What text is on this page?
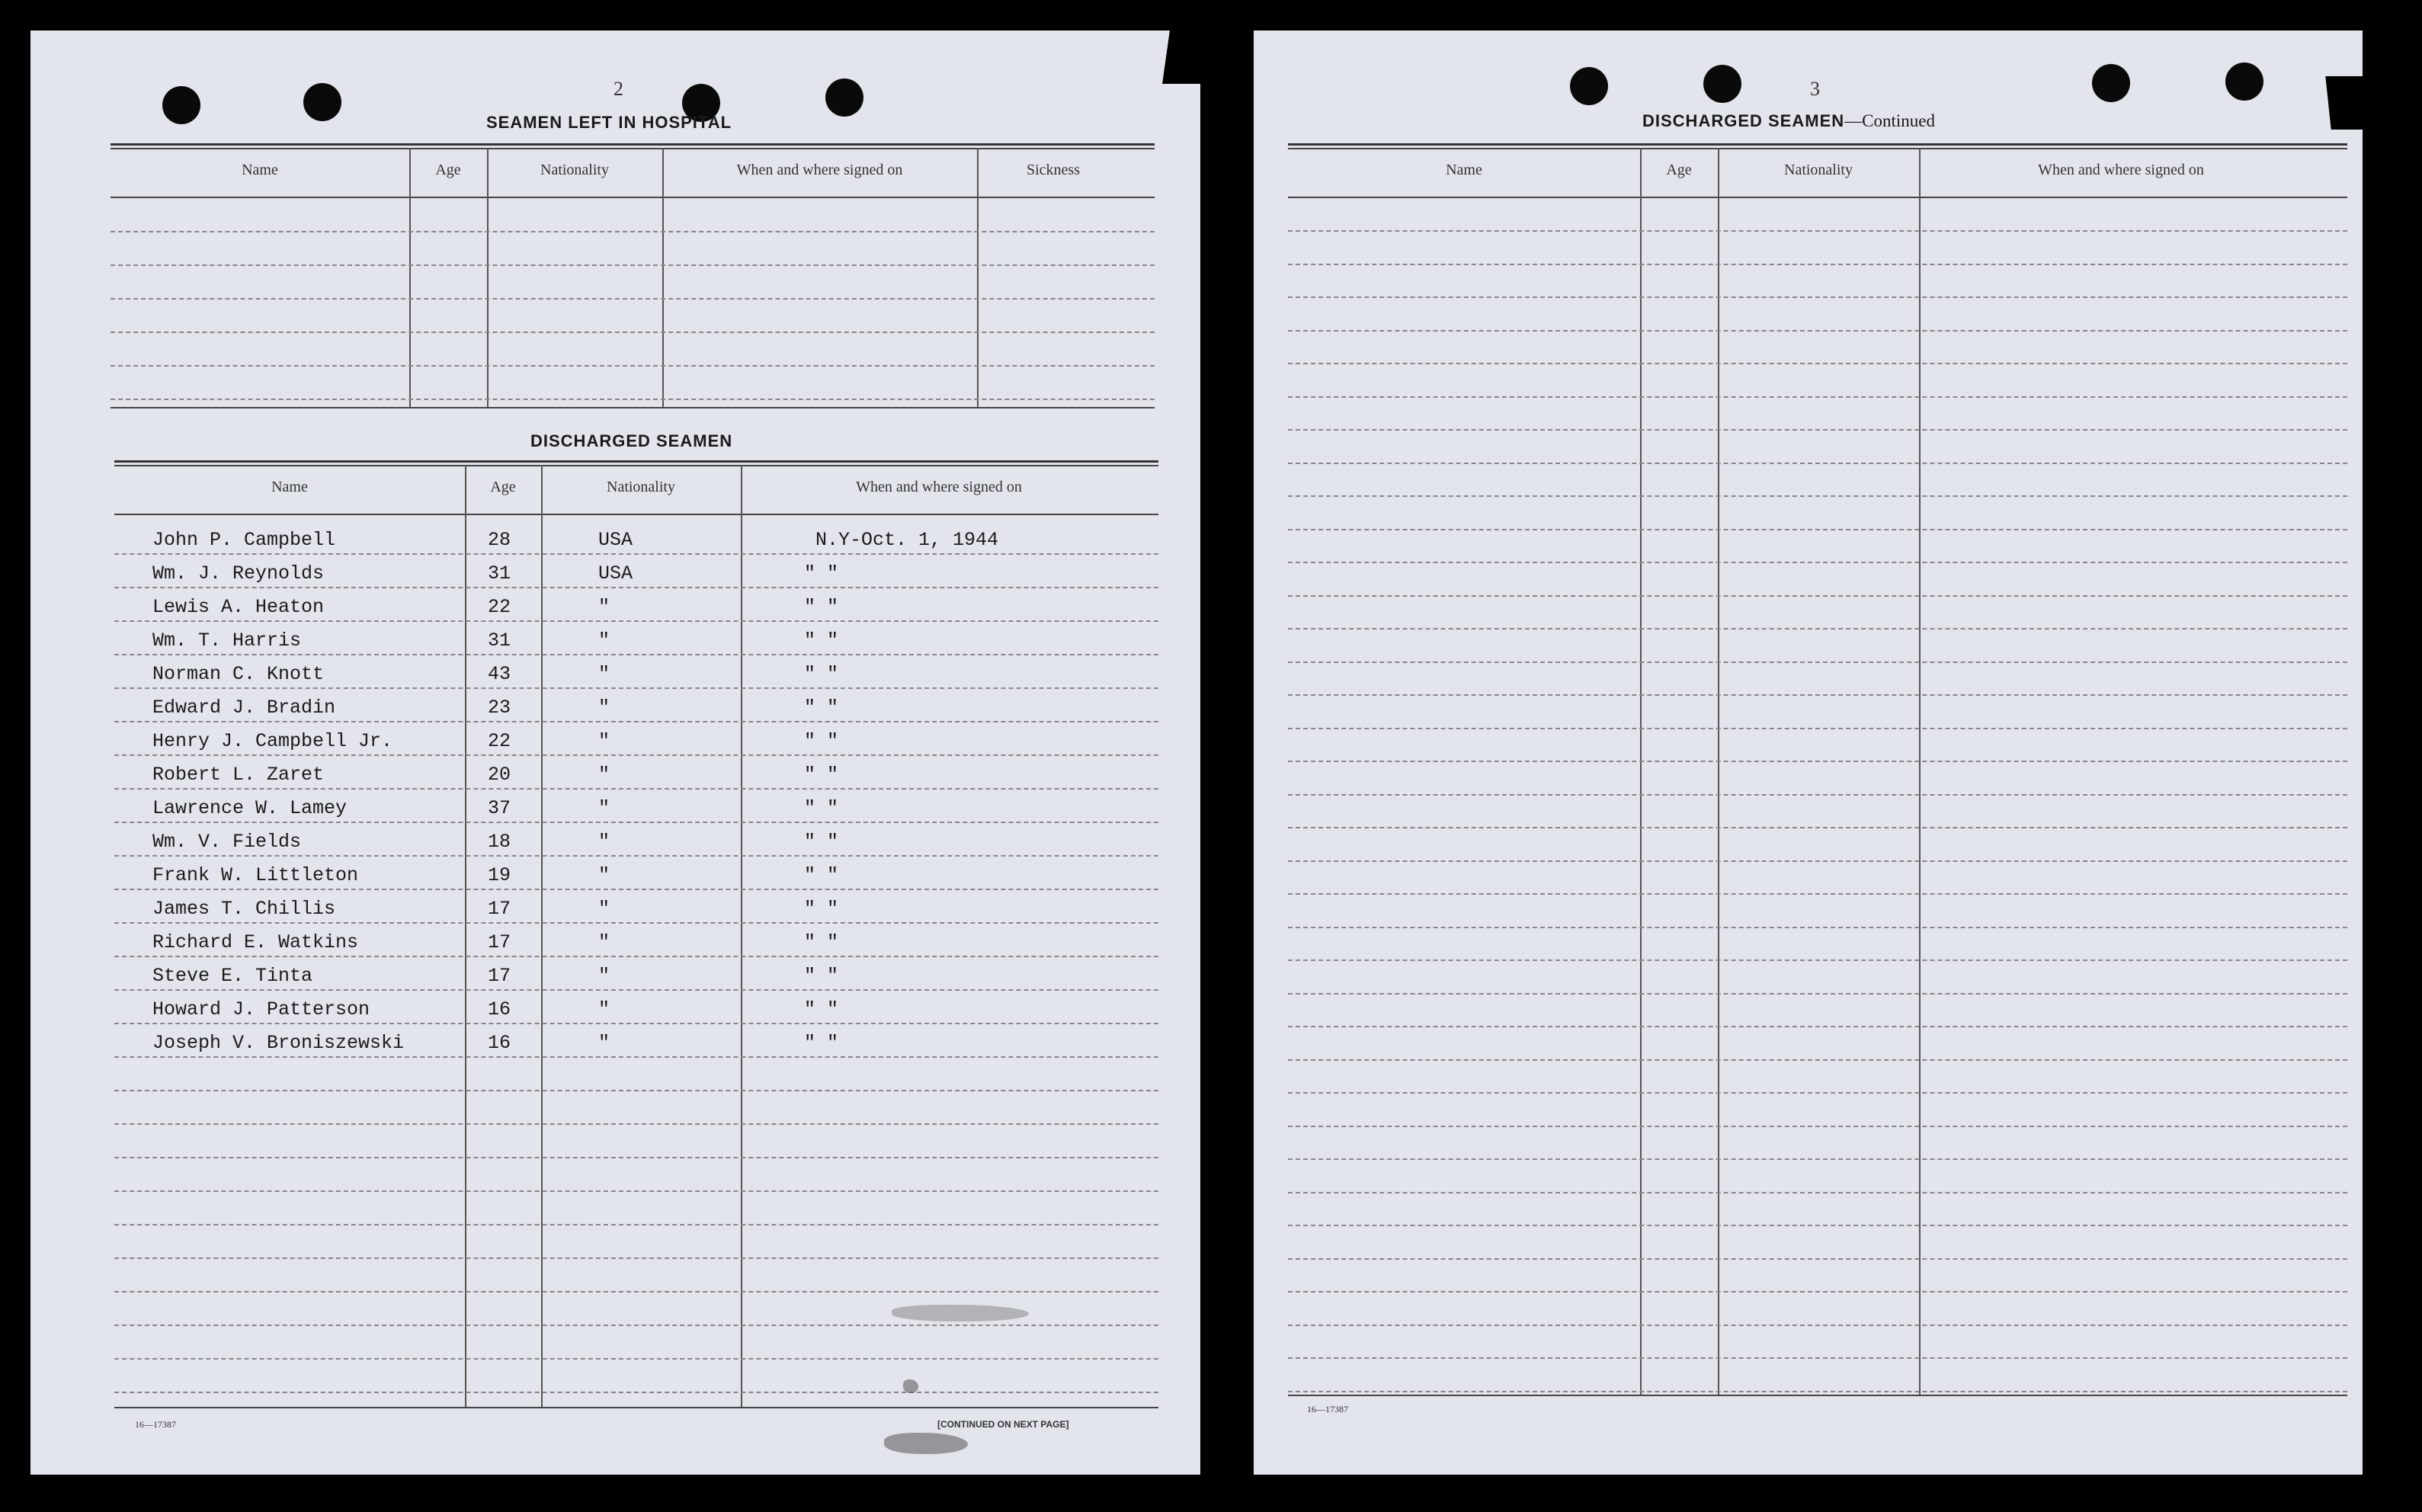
2
SEAMEN LEFT IN HOSPITAL
Name	Age	Nationality	When and where signed on	Sickness
DISCHARGED SEAMEN
Name	Age	Nationality	When and where signed on
John P. Campbell	28	USA	N.Y-Oct. 1, 1944
Wm. J. Reynolds	31	USA	" "
Lewis A. Heaton	22	"	" "
Wm. T. Harris	31	"	" "
Norman C. Knott	43	"	" "
Edward J. Bradin	23	"	" "
Henry J. Campbell Jr.	22	"	" "
Robert L. Zaret	20	"	" "
Lawrence W. Lamey	37	"	" "
Wm. V. Fields	18	"	" "
Frank W. Littleton	19	"	" "
James T. Chillis	17	"	" "
Richard E. Watkins	17	"	" "
Steve E. Tinta	17	"	" "
Howard J. Patterson	16	"	" "
Joseph V. Broniszewski	16	"	" "
16—17387	[CONTINUED ON NEXT PAGE]
3
DISCHARGED SEAMEN—Continued
Name	Age	Nationality	When and where signed on
16—17387
